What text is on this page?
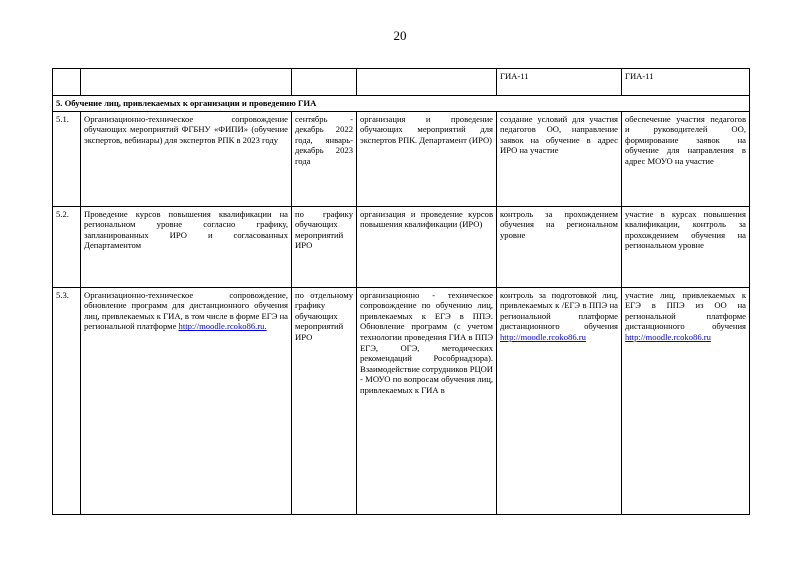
20
				ГИА-11	ГИА-11
5. Обучение лиц, привлекаемых к организации и проведению ГИА					
5.1.	Организационно-техническое сопровождение обучающих мероприятий ФГБНУ «ФИПИ» (обучение экспертов, вебинары) для экспертов РПК в 2023 году	сентябрь - декабрь 2022 года, январь-декабрь 2023 года	организация и проведение обучающих мероприятий для экспертов РПК. Департамент (ИРО)	создание условий для участия педагогов ОО, направление заявок на обучение в адрес ИРО на участие	обеспечение участия педагогов и руководителей ОО, формирование заявок на обучение для направления в адрес МОУО на участие
5.2.	Проведение курсов повышения квалификации на региональном уровне согласно графику, запланированных ИРО и согласованных Департаментом	по графику обучающих мероприятий ИРО	организация и проведение курсов повышения квалификации (ИРО)	контроль за прохождением обучения на региональном уровне	участие в курсах повышения квалификации, контроль за прохождением обучения на региональном уровне
5.3.	Организационно-техническое сопровождение, обновление программ для дистанционного обучения лиц, привлекаемых к ГИА, в том числе в форме ЕГЭ на региональной платформе http://moodle.rcoko86.ru.	по отдельному графику обучающих мероприятий ИРО	организационно - техническое сопровождение по обучению лиц, привлекаемых к ЕГЭ в ППЭ. Обновление программ (с учетом технологии проведения ГИА в ППЭ ЕГЭ, ОГЭ, методических рекомендаций Рособрнадзора). Взаимодействие сотрудников РЦОИ - МОУО по вопросам обучения лиц, привлекаемых к ГИА в	контроль за подготовкой лиц, привлекаемых к /ЕГЭ в ППЭ на региональной платформе дистанционного обучения http://moodle.rcoko86.ru	участие лиц, привлекаемых к ЕГЭ в ППЭ из ОО на региональной платформе дистанционного обучения http://moodle.rcoko86.ru
